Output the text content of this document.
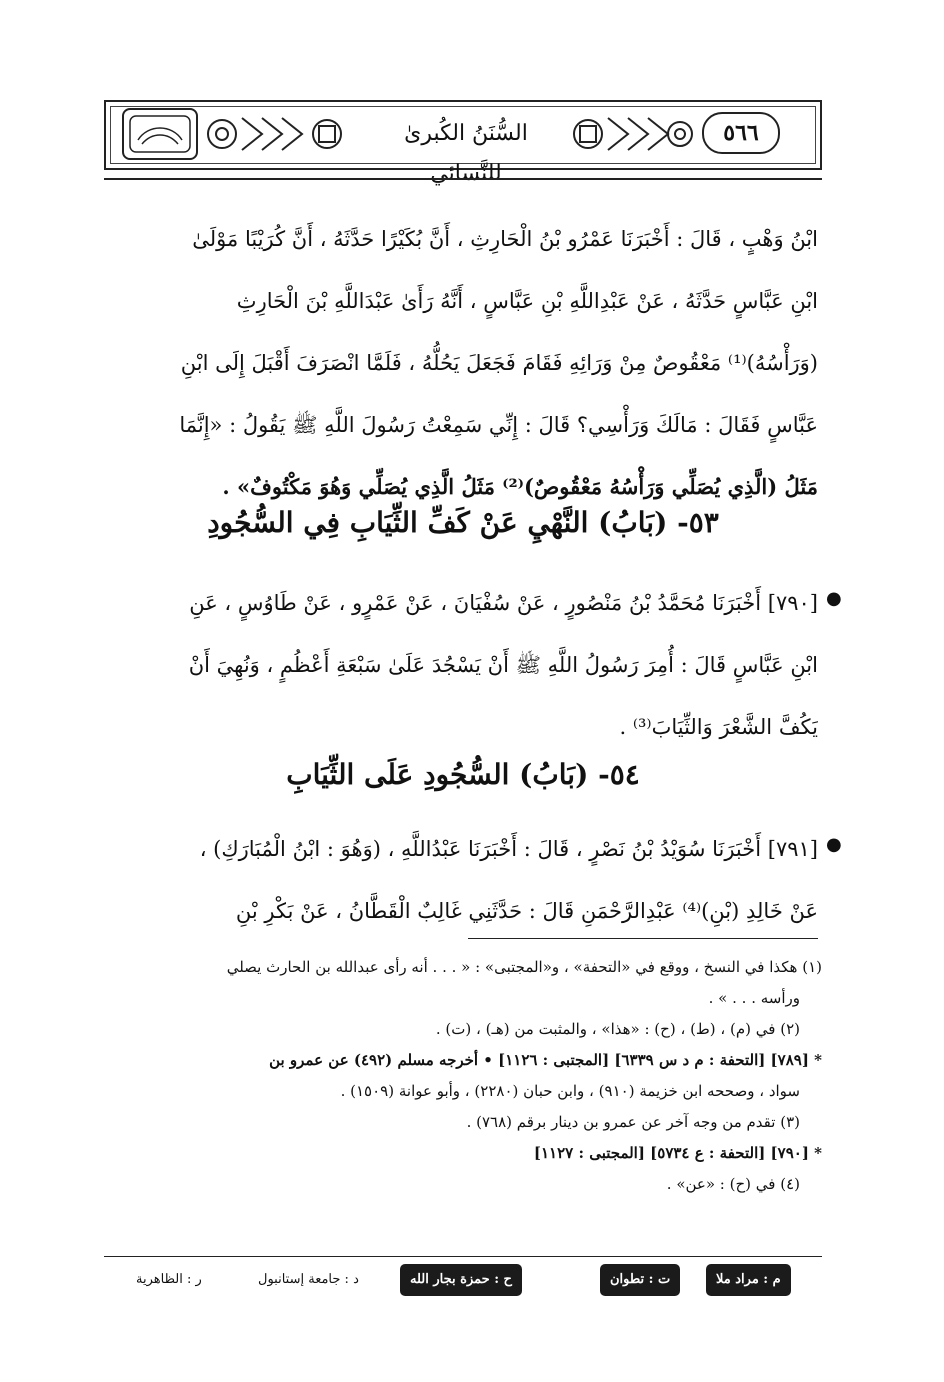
السُّنَنُ الكُبرىٰ للنَّسائي
٥٦٦
ابْنُ وَهْبٍ ، قَالَ : أَخْبَرَنَا عَمْرُو بْنُ الْحَارِثِ ، أَنَّ بُكَيْرًا حَدَّثَهُ ، أَنَّ كُرَيْبًا مَوْلَىٰ
ابْنِ عَبَّاسٍ حَدَّثَهُ ، عَنْ عَبْدِاللَّهِ بْنِ عَبَّاسٍ ، أَنَّهُ رَأَىٰ عَبْدَاللَّهِ بْنَ الْحَارِثِ
(وَرَأْسُهُ)⁽¹⁾ مَعْقُوصٌ مِنْ وَرَائِهِ فَقَامَ فَجَعَلَ يَحُلُّهُ ، فَلَمَّا انْصَرَفَ أَقْبَلَ إِلَى ابْنِ
عَبَّاسٍ فَقَالَ : مَالَكَ وَرَأْسِي؟ قَالَ : إِنِّي سَمِعْتُ رَسُولَ اللَّهِ ﷺ يَقُولُ : «إِنَّمَا
مَثَلُ (الَّذِي يُصَلِّي وَرَأْسُهُ مَعْقُوصٌ)⁽²⁾ مَثَلُ الَّذِي يُصَلِّي وَهُوَ مَكْتُوفٌ» .
٥٣- (بَابُ) النَّهْيِ عَنْ كَفِّ الثِّيَابِ فِي السُّجُودِ
[٧٩٠] أَخْبَرَنَا مُحَمَّدُ بْنُ مَنْصُورٍ ، عَنْ سُفْيَانَ ، عَنْ عَمْرٍو ، عَنْ طَاوُسٍ ، عَنِ
ابْنِ عَبَّاسٍ قَالَ : أُمِرَ رَسُولُ اللَّهِ ﷺ أَنْ يَسْجُدَ عَلَىٰ سَبْعَةِ أَعْظُمٍ ، وَنُهِيَ أَنْ
يَكُفَّ الشَّعْرَ وَالثِّيَابَ⁽³⁾ .
●
٥٤- (بَابُ) السُّجُودِ عَلَى الثِّيَابِ
[٧٩١] أَخْبَرَنَا سُوَيْدُ بْنُ نَصْرٍ ، قَالَ : أَخْبَرَنَا عَبْدُاللَّهِ ، (وَهُوَ : ابْنُ الْمُبَارَكِ) ،
عَنْ خَالِدِ (بْنِ)⁽⁴⁾ عَبْدِالرَّحْمَنِ قَالَ : حَدَّثَنِي غَالِبٌ الْقَطَّانُ ، عَنْ بَكْرِ بْنِ
●
(١) هكذا في النسخ ، ووقع في «التحفة» ، و«المجتبى» : « . . . أنه رأى عبدالله بن الحارث يصلي
ورأسه . . . » .
(٢) في (م) ، (ط) ، (ح) : «هذا» ، والمثبت من (هـ) ، (ت) .
* [٧٨٩] [التحفة : م د س ٦٣٣٩] [المجتبى : ١١٢٦] • أخرجه مسلم (٤٩٢) عن عمرو بن
سواد ، وصححه ابن خزيمة (٩١٠) ، وابن حبان (٢٢٨٠) ، وأبو عوانة (١٥٠٩) .
(٣) تقدم من وجه آخر عن عمرو بن دينار برقم (٧٦٨) .
* [٧٩٠] [التحفة : ع ٥٧٣٤] [المجتبى : ١١٢٧]
(٤) في (ح) : «عن» .
م : مراد ملا
ت : تطوان
ح : حمزة بجار الله
د : جامعة إستانبول
ر : الظاهرية
